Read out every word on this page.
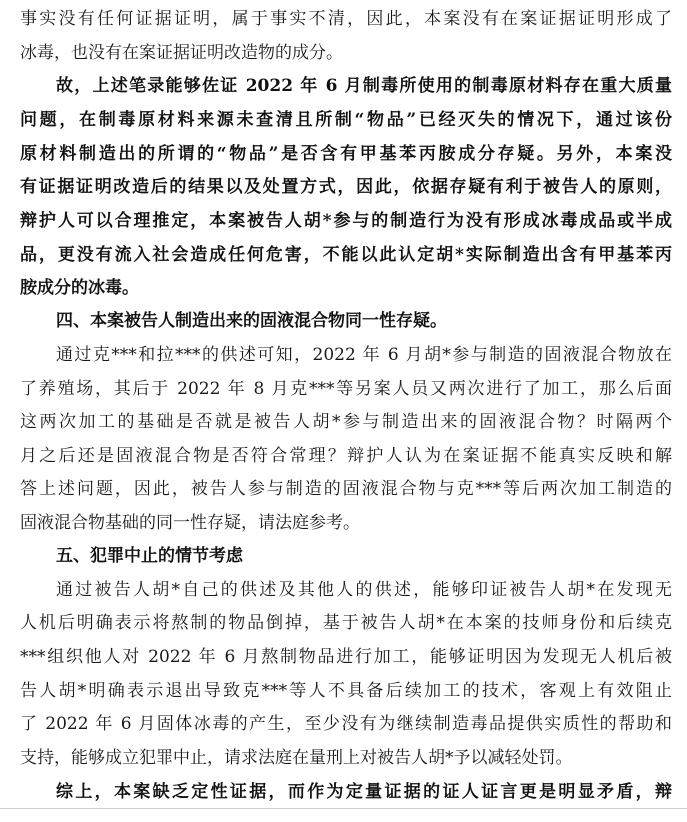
事实没有任何证据证明，属于事实不清，因此，本案没有在案证据证明形成了
冰毒，也没有在案证据证明改造物的成分。
故，上述笔录能够佐证 2022 年 6 月制毒所使用的制毒原材料存在重大质量
问题，在制毒原材料来源未查清且所制“物品”已经灭失的情况下，通过该份
原材料制造出的所谓的“物品”是否含有甲基苯丙胺成分存疑。另外，本案没
有证据证明改造后的结果以及处置方式，因此，依据存疑有利于被告人的原则，
辩护人可以合理推定，本案被告人胡*参与的制造行为没有形成冰毒成品或半成
品，更没有流入社会造成任何危害，不能以此认定胡*实际制造出含有甲基苯丙
胺成分的冰毒。
四、本案被告人制造出来的固液混合物同一性存疑。
通过克***和拉***的供述可知，2022 年 6 月胡*参与制造的固液混合物放在
了养殖场，其后于 2022 年 8 月克***等另案人员又两次进行了加工，那么后面
这两次加工的基础是否就是被告人胡*参与制造出来的固液混合物？时隔两个
月之后还是固液混合物是否符合常理？辩护人认为在案证据不能真实反映和解
答上述问题，因此，被告人参与制造的固液混合物与克***等后两次加工制造的
固液混合物基础的同一性存疑，请法庭参考。
五、犯罪中止的情节考虑
通过被告人胡*自己的供述及其他人的供述，能够印证被告人胡*在发现无
人机后明确表示将熬制的物品倒掉，基于被告人胡*在本案的技师身份和后续克
***组织他人对 2022 年 6 月熬制物品进行加工，能够证明因为发现无人机后被
告人胡*明确表示退出导致克***等人不具备后续加工的技术，客观上有效阻止
了 2022 年 6 月固体冰毒的产生，至少没有为继续制造毒品提供实质性的帮助和
支持，能够成立犯罪中止，请求法庭在量刑上对被告人胡*予以减轻处罚。
综上，本案缺乏定性证据，而作为定量证据的证人证言更是明显矛盾，辩
